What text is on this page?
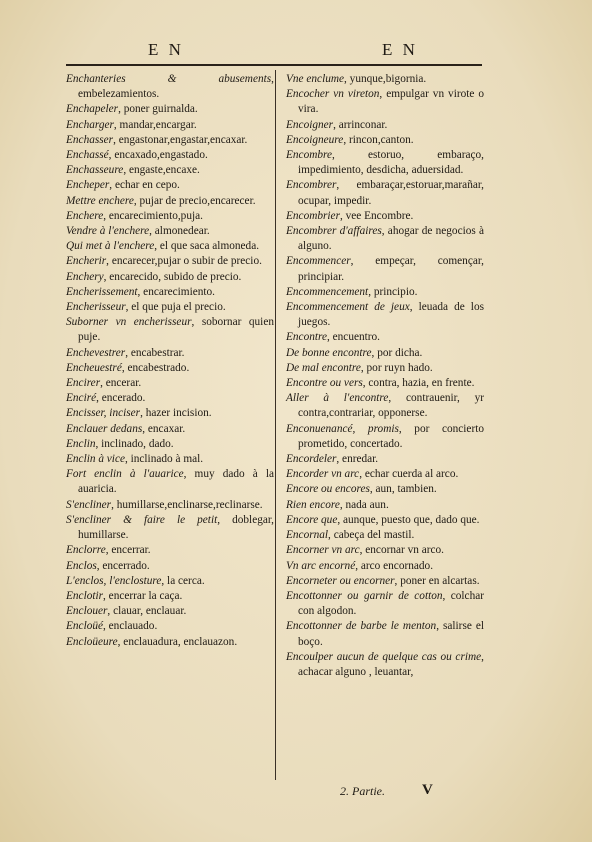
E N	E N
Enchanteries & abusements, embelezamientos.
Enchapeler, poner guirnalda.
Encharger, mandar,encargar.
Enchasser, engastonar,engastar,encaxar.
Enchassé, encaxado,engastado.
Enchasseure, engaste,encaxe.
Encheper, echar en cepo.
Mettre enchere, pujar de precio,encarecer.
Enchere, encarecimiento,puja.
Vendre à l'enchere, almonedear.
Qui met à l'enchere, el que saca almoneda.
Encherir, encarecer,pujar o subir de precio.
Enchery, encarecido, subido de precio.
Encherissement, encarecimiento.
Encherisseur, el que puja el precio.
Suborner vn encherisseur, sobornar quien puje.
Enchevestrer, encabestrar.
Encheuestré, encabestrado.
Encirer, encerar.
Enciré, encerado.
Encisser, inciser, hazer incision.
Enclauer dedans, encaxar.
Enclin, inclinado, dado.
Enclin à vice, inclinado à mal.
Fort enclin à l'auarice, muy dado à la auaricia.
S'encliner, humillarse,enclinarse,reclinarse.
S'encliner & faire le petit, doblegar, humillarse.
Enclorre, encerrar.
Enclos, encerrado.
L'enclos, l'enclosture, la cerca.
Enclotir, encerrar la caça.
Enclouer, clauar, enclauar.
Encloüé, enclauado.
Encloüeure, enclauadura, enclauazon.
Vne enclume, yunque,bigornia.
Encocher vn vireton, empulgar vn virote o vira.
Encoigner, arrinconar.
Encoigneure, rincon,canton.
Encombre, estoruo, embaraço, impedimiento, desdicha, aduersidad.
Encombrer, embaraçar,estoruar,marañar, ocupar, impedir.
Encombrier, vee Encombre.
Encombrer d'affaires, ahogar de negocios à alguno.
Encommencer, empeçar, començar, principiar.
Encommencement, principio.
Encommencement de jeux, leuada de los juegos.
Encontre, encuentro.
De bonne encontre, por dicha.
De mal encontre, por ruyn hado.
Encontre ou vers, contra, hazia, en frente.
Aller à l'encontre, contrauenir, yr contra,contrariar, opponerse.
Enconuenancé, promis, por concierto prometido, concertado.
Encordeler, enredar.
Encorder vn arc, echar cuerda al arco.
Encore ou encores, aun, tambien.
Rien encore, nada aun.
Encore que, aunque, puesto que, dado que.
Encornal, cabeça del mastil.
Encorner vn arc, encornar vn arco.
Vn arc encorné, arco encornado.
Encorneter ou encorner, poner en alcartas.
Encottonner ou garnir de cotton, colchar con algodon.
Encottonner de barbe le menton, salirse el boço.
Encoulper aucun de quelque cas ou crime, achacar alguno , leuantar,
2. Partie. V
